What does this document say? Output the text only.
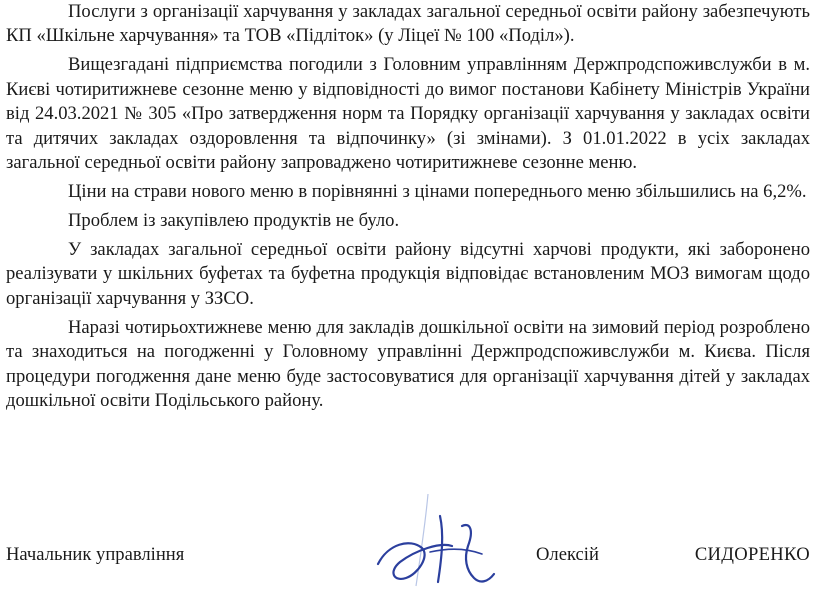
Послуги з організації харчування у закладах загальної середньої освіти району забезпечують КП «Шкільне харчування» та ТОВ «Підліток» (у Ліцеї № 100 «Поділ»).

Вищезгадані підприємства погодили з Головним управлінням Держпродспоживслужби в м. Києві чотиритижневе сезонне меню у відповідності до вимог постанови Кабінету Міністрів України від 24.03.2021 № 305 «Про затвердження норм та Порядку організації харчування у закладах освіти та дитячих закладах оздоровлення та відпочинку» (зі змінами). З 01.01.2022 в усіх закладах загальної середньої освіти району запроваджено чотиритижневе сезонне меню.

Ціни на страви нового меню в порівнянні з цінами попереднього меню збільшились на 6,2%.

Проблем із закупівлею продуктів не було.

У закладах загальної середньої освіти району відсутні харчові продукти, які заборонено реалізувати у шкільних буфетах та буфетна продукція відповідає встановленим МОЗ вимогам щодо організації харчування у ЗЗСО.

Наразі чотирьохтижневе меню для закладів дошкільної освіти на зимовий період розроблено та знаходиться на погодженні у Головному управлінні Держпродспоживслужби м. Києва. Після процедури погодження дане меню буде застосовуватися для організації харчування дітей у закладах дошкільної освіти Подільського району.

Начальник управління	Олексій	СИДОРЕНКО
